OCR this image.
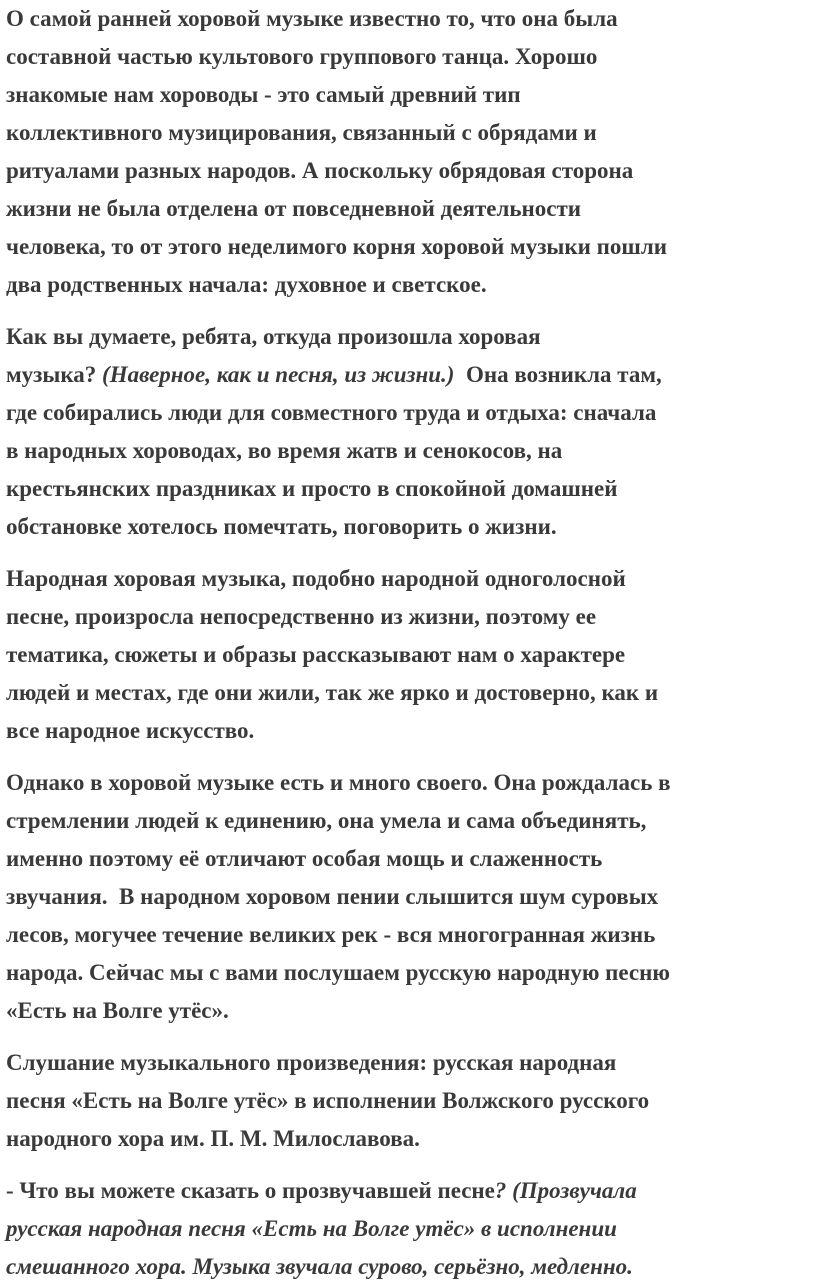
О самой ранней хоровой музыке известно то, что она была
составной частью культового группового танца. Хорошо
знакомые нам хороводы - это самый древний тип
коллективного музицирования, связанный с обрядами и
ритуалами разных народов. А поскольку обрядовая сторона
жизни не была отделена от повседневной деятельности
человека, то от этого неделимого корня хоровой музыки пошли
два родственных начала: духовное и светское.
Как вы думаете, ребята, откуда произошла хоровая
музыка? (Наверное, как и песня, из жизни.)  Она возникла там,
где собирались люди для совместного труда и отдыха: сначала
в народных хороводах, во время жатв и сенокосов, на
крестьянских праздниках и просто в спокойной домашней
обстановке хотелось помечтать, поговорить о жизни.
Народная хоровая музыка, подобно народной одноголосной
песне, произросла непосредственно из жизни, поэтому ее
тематика, сюжеты и образы рассказывают нам о характере
людей и местах, где они жили, так же ярко и достоверно, как и
все народное искусство.
Однако в хоровой музыке есть и много своего. Она рождалась в
стремлении людей к единению, она умела и сама объединять,
именно поэтому её отличают особая мощь и слаженность
звучания.  В народном хоровом пении слышится шум суровых
лесов, могучее течение великих рек - вся многогранная жизнь
народа. Сейчас мы с вами послушаем русскую народную песню
«Есть на Волге утёс».
Слушание музыкального произведения: русская народная
песня «Есть на Волге утёс» в исполнении Волжского русского
народного хора им. П. М. Милославова.
- Что вы можете сказать о прозвучавшей песне? (Прозвучала
русская народная песня «Есть на Волге утёс» в исполнении
смешанного хора. Музыка звучала сурово, серьёзно, медленно.
